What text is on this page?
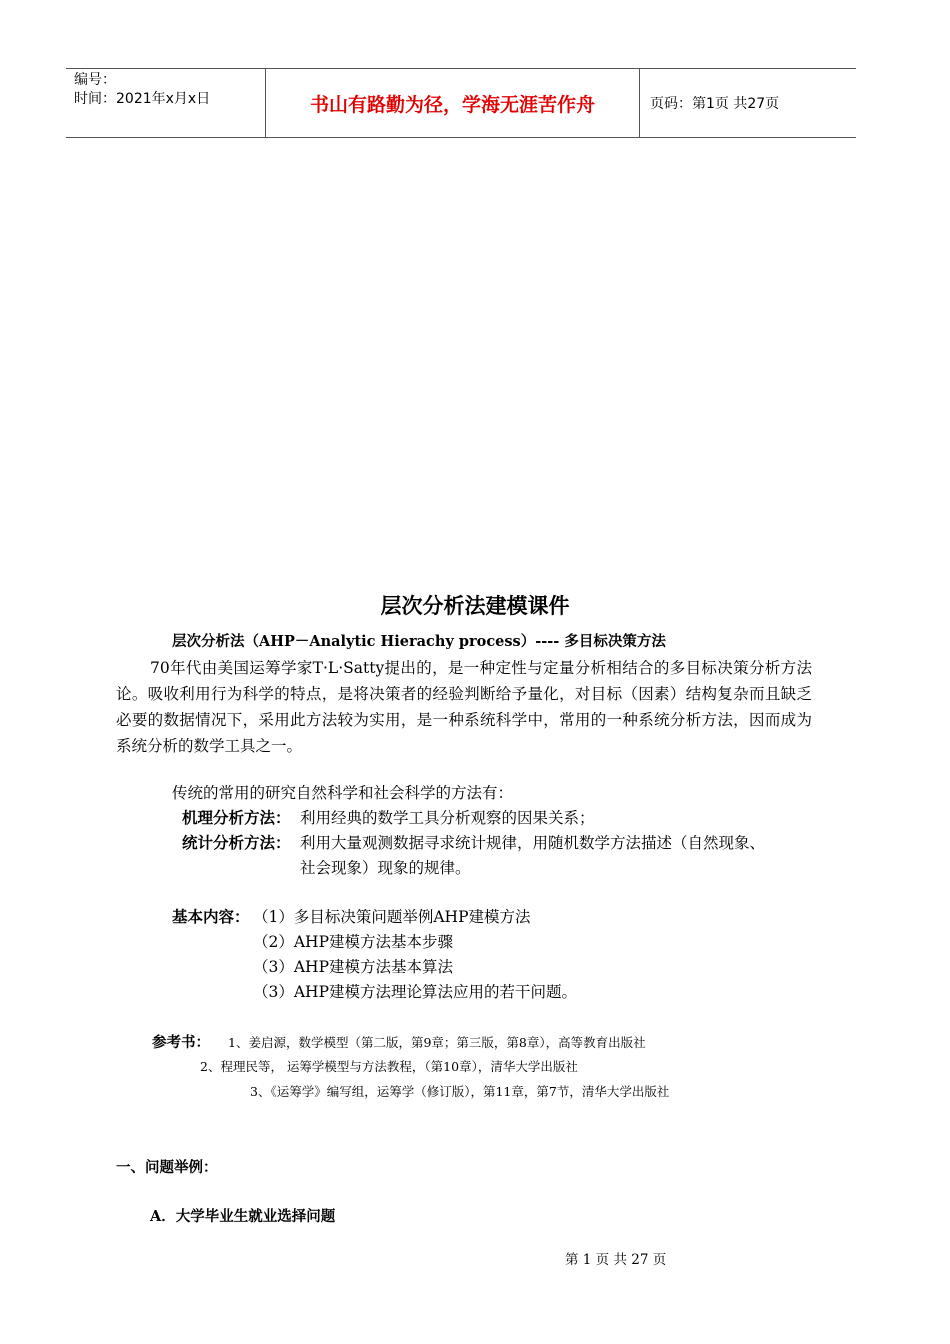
编号：
时间：2021年x月x日	书山有路勤为径，学海无涯苦作舟	页码：第1页 共27页
层次分析法建模课件
层次分析法（AHP－Analytic Hierachy process）---- 多目标决策方法
70年代由美国运筹学家T·L·Satty提出的，是一种定性与定量分析相结合的多目标决策分析方法论。吸收利用行为科学的特点，是将决策者的经验判断给予量化，对目标（因素）结构复杂而且缺乏必要的数据情况下，采用此方法较为实用，是一种系统科学中，常用的一种系统分析方法，因而成为系统分析的数学工具之一。
传统的常用的研究自然科学和社会科学的方法有：
机理分析方法： 利用经典的数学工具分析观察的因果关系；
统计分析方法： 利用大量观测数据寻求统计规律，用随机数学方法描述（自然现象、
社会现象）现象的规律。
基本内容： （1）多目标决策问题举例AHP建模方法
（2）AHP建模方法基本步骤
（3）AHP建模方法基本算法
（3）AHP建模方法理论算法应用的若干问题。
参考书： 1、姜启源，数学模型（第二版，第9章；第三版，第8章），高等教育出版社
2、程理民等， 运筹学模型与方法教程，（第10章），清华大学出版社
3、《运筹学》编写组，运筹学（修订版），第11章，第7节，清华大学出版社
一、问题举例：
A．大学毕业生就业选择问题
第 1 页 共 27 页
